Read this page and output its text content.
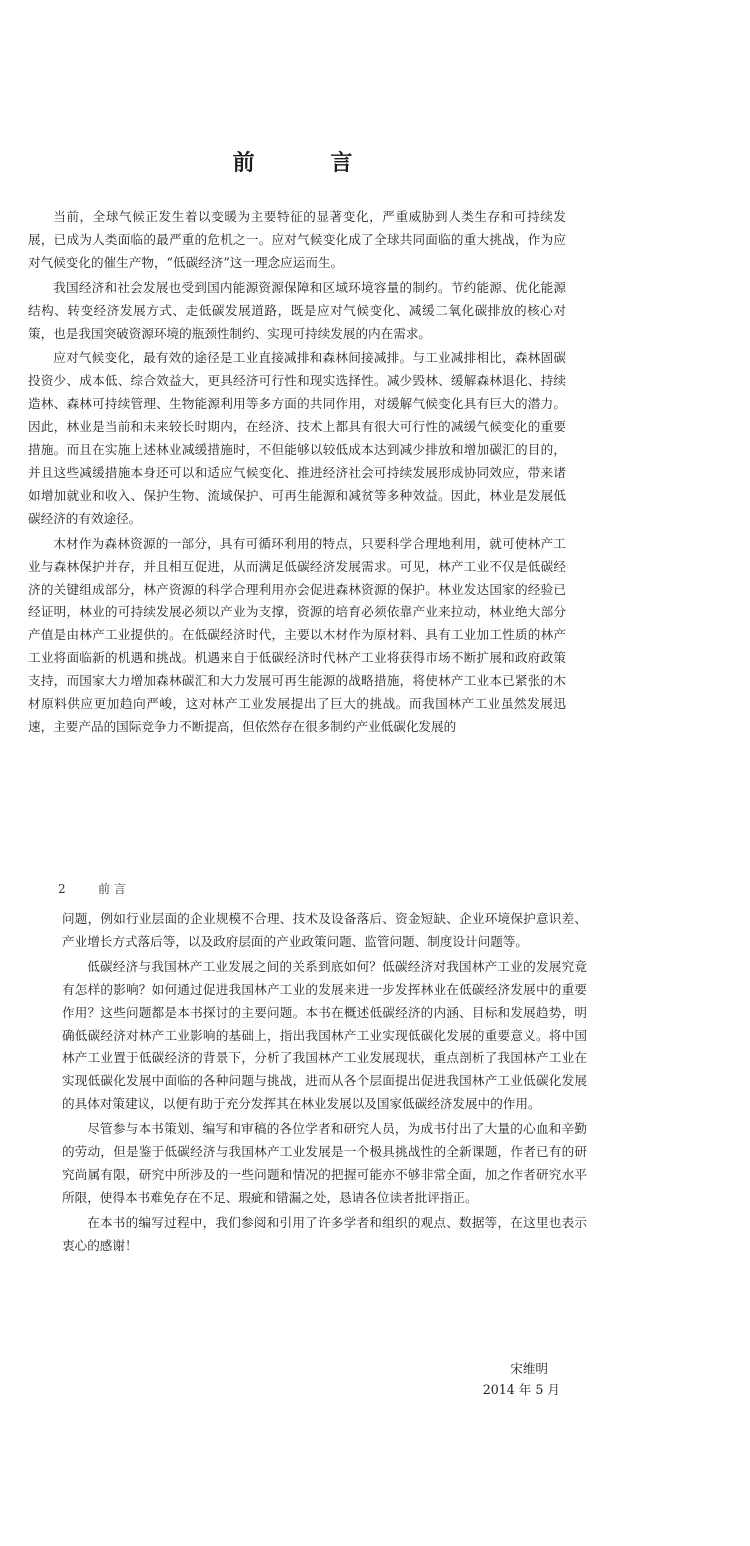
前 言

当前，全球气候正发生着以变暖为主要特征的显著变化，严重威胁到人类生存和可持续发展，已成为人类面临的最严重的危机之一。应对气候变化成了全球共同面临的重大挑战，作为应对气候变化的催生产物，“低碳经济”这一理念应运而生。

我国经济和社会发展也受到国内能源资源保障和区域环境容量的制约。节约能源、优化能源结构、转变经济发展方式、走低碳发展道路，既是应对气候变化、减缓二氧化碳排放的核心对策，也是我国突破资源环境的瓶颈性制约、实现可持续发展的内在需求。

应对气候变化，最有效的途径是工业直接减排和森林间接减排。与工业减排相比，森林固碳投资少、成本低、综合效益大，更具经济可行性和现实选择性。减少毁林、缓解森林退化、持续造林、森林可持续管理、生物能源利用等多方面的共同作用，对缓解气候变化具有巨大的潜力。因此，林业是当前和未来较长时期内，在经济、技术上都具有很大可行性的减缓气候变化的重要措施。而且在实施上述林业减缓措施时，不但能够以较低成本达到减少排放和增加碳汇的目的，并且这些减缓措施本身还可以和适应气候变化、推进经济社会可持续发展形成协同效应，带来诸如增加就业和收入、保护生物、流域保护、可再生能源和减贫等多种效益。因此，林业是发展低碳经济的有效途径。

木材作为森林资源的一部分，具有可循环利用的特点，只要科学合理地利用，就可使林产工业与森林保护并存，并且相互促进，从而满足低碳经济发展需求。可见，林产工业不仅是低碳经济的关键组成部分，林产资源的科学合理利用亦会促进森林资源的保护。林业发达国家的经验已经证明，林业的可持续发展必须以产业为支撑，资源的培育必须依靠产业来拉动，林业绝大部分产值是由林产工业提供的。在低碳经济时代，主要以木材作为原材料、具有工业加工性质的林产工业将面临新的机遇和挑战。机遇来自于低碳经济时代林产工业将获得市场不断扩展和政府政策支持，而国家大力增加森林碳汇和大力发展可再生能源的战略措施，将使林产工业本已紧张的木材原料供应更加趋向严峻，这对林产工业发展提出了巨大的挑战。而我国林产工业虽然发展迅速，主要产品的国际竞争力不断提高，但依然存在很多制约产业低碳化发展的

2	前 言

问题，例如行业层面的企业规模不合理、技术及设备落后、资金短缺、企业环境保护意识差、产业增长方式落后等，以及政府层面的产业政策问题、监管问题、制度设计问题等。

低碳经济与我国林产工业发展之间的关系到底如何？低碳经济对我国林产工业的发展究竟有怎样的影响？如何通过促进我国林产工业的发展来进一步发挥林业在低碳经济发展中的重要作用？这些问题都是本书探讨的主要问题。本书在概述低碳经济的内涵、目标和发展趋势，明确低碳经济对林产工业影响的基础上，指出我国林产工业实现低碳化发展的重要意义。将中国林产工业置于低碳经济的背景下，分析了我国林产工业发展现状，重点剖析了我国林产工业在实现低碳化发展中面临的各种问题与挑战，进而从各个层面提出促进我国林产工业低碳化发展的具体对策建议，以便有助于充分发挥其在林业发展以及国家低碳经济发展中的作用。

尽管参与本书策划、编写和审稿的各位学者和研究人员，为成书付出了大量的心血和辛勤的劳动，但是鉴于低碳经济与我国林产工业发展是一个极具挑战性的全新课题，作者已有的研究尚属有限，研究中所涉及的一些问题和情况的把握可能亦不够非常全面，加之作者研究水平所限，使得本书难免存在不足、瑕疵和错漏之处，恳请各位读者批评指正。

在本书的编写过程中，我们参阅和引用了许多学者和组织的观点、数据等，在这里也表示衷心的感谢！

宋维明
2014 年 5 月
